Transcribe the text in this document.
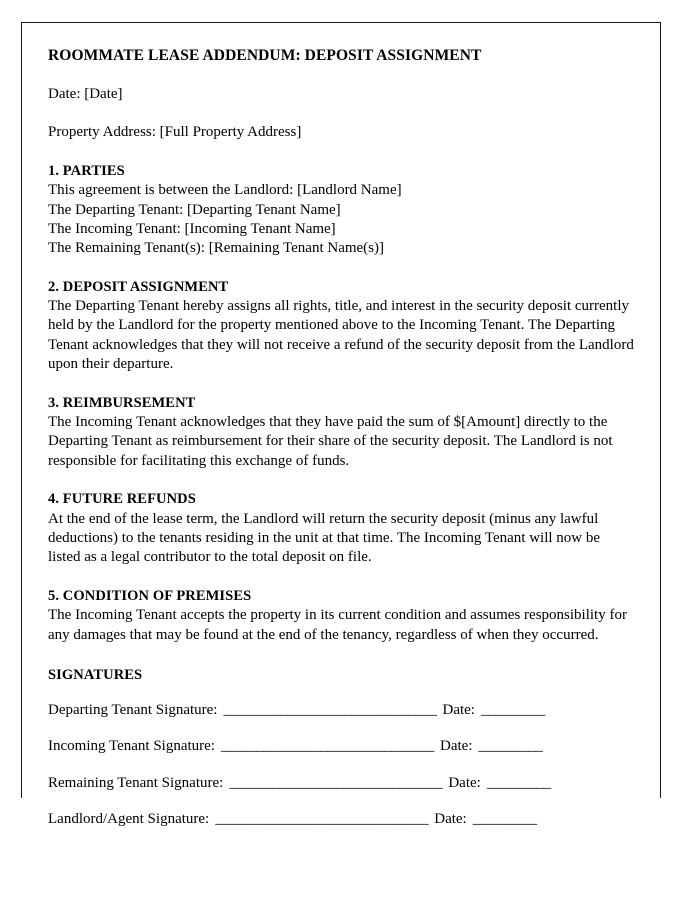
ROOMMATE LEASE ADDENDUM: DEPOSIT ASSIGNMENT
Date: [Date]
Property Address: [Full Property Address]
1. PARTIES
This agreement is between the Landlord: [Landlord Name]
The Departing Tenant: [Departing Tenant Name]
The Incoming Tenant: [Incoming Tenant Name]
The Remaining Tenant(s): [Remaining Tenant Name(s)]
2. DEPOSIT ASSIGNMENT
The Departing Tenant hereby assigns all rights, title, and interest in the security deposit currently held by the Landlord for the property mentioned above to the Incoming Tenant. The Departing Tenant acknowledges that they will not receive a refund of the security deposit from the Landlord upon their departure.
3. REIMBURSEMENT
The Incoming Tenant acknowledges that they have paid the sum of $[Amount] directly to the Departing Tenant as reimbursement for their share of the security deposit. The Landlord is not responsible for facilitating this exchange of funds.
4. FUTURE REFUNDS
At the end of the lease term, the Landlord will return the security deposit (minus any lawful deductions) to the tenants residing in the unit at that time. The Incoming Tenant will now be listed as a legal contributor to the total deposit on file.
5. CONDITION OF PREMISES
The Incoming Tenant accepts the property in its current condition and assumes responsibility for any damages that may be found at the end of the tenancy, regardless of when they occurred.
SIGNATURES
Departing Tenant Signature: ______________________________ Date: _________
Incoming Tenant Signature: ______________________________ Date: _________
Remaining Tenant Signature: ______________________________ Date: _________
Landlord/Agent Signature: ______________________________ Date: _________
